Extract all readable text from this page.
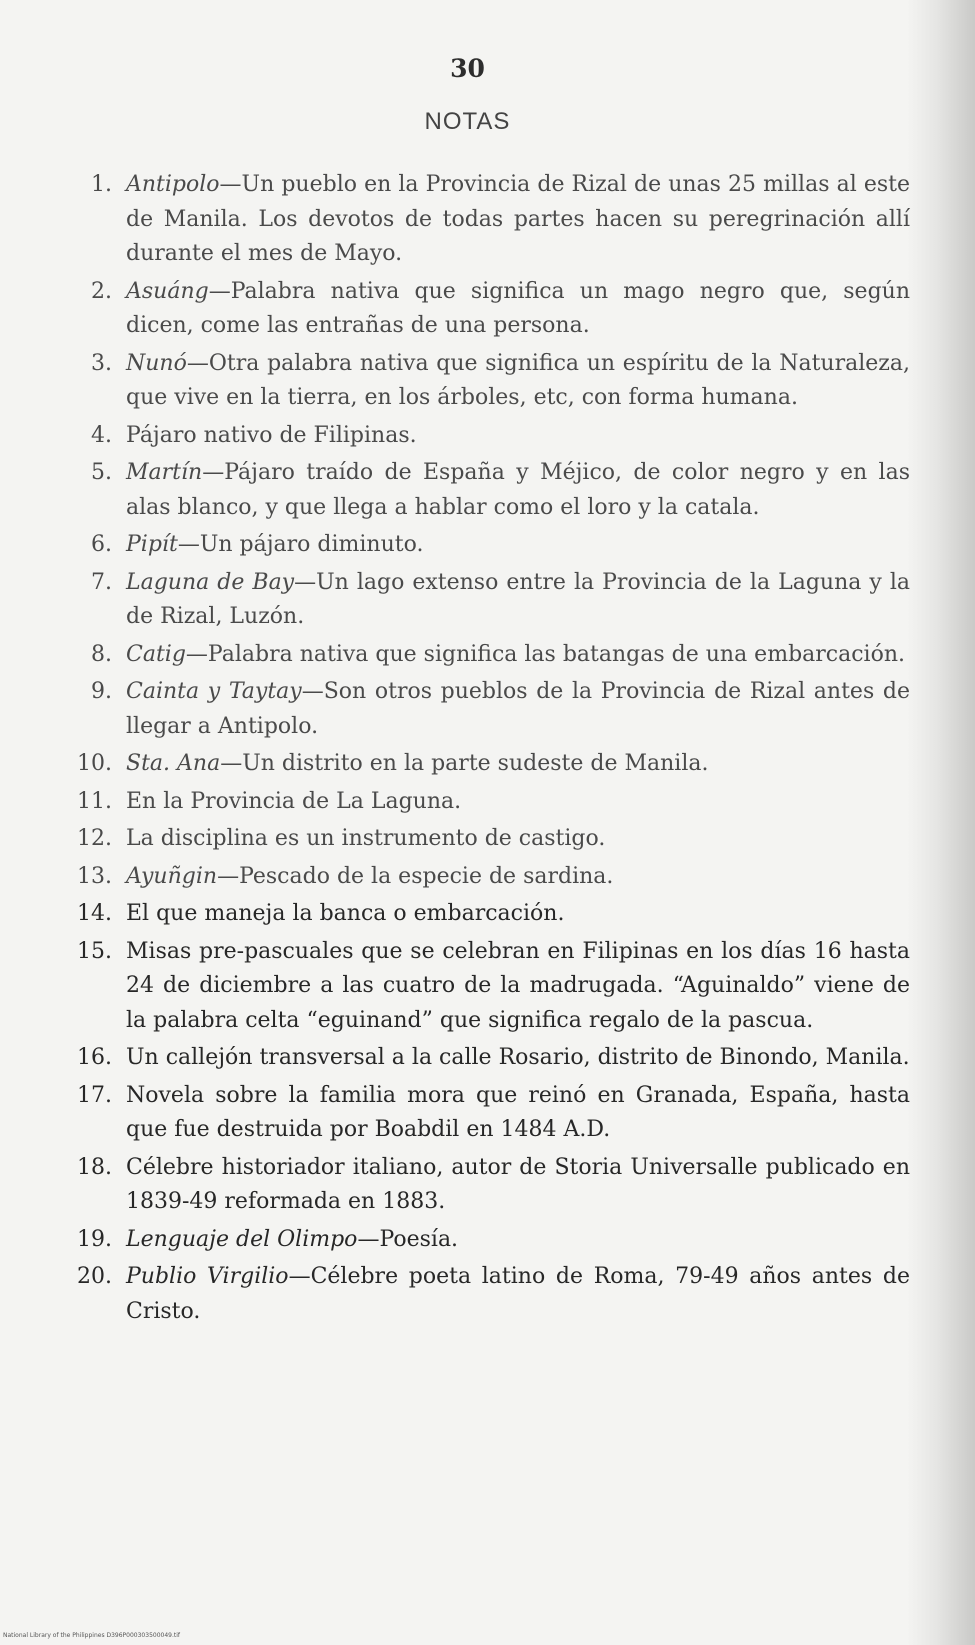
30
NOTAS
1. Antipolo—Un pueblo en la Provincia de Rizal de unas 25 millas al este de Manila. Los devotos de todas partes hacen su peregrinación allí durante el mes de Mayo.
2. Asuáng—Palabra nativa que significa un mago negro que, según dicen, come las entrañas de una persona.
3. Nunó—Otra palabra nativa que significa un espíritu de la Naturaleza, que vive en la tierra, en los árboles, etc, con forma humana.
4. Pájaro nativo de Filipinas.
5. Martín—Pájaro traído de España y Méjico, de color negro y en las alas blanco, y que llega a hablar como el loro y la catala.
6. Pipít—Un pájaro diminuto.
7. Laguna de Bay—Un lago extenso entre la Provincia de la Laguna y la de Rizal, Luzón.
8. Catig—Palabra nativa que significa las batangas de una embarcación.
9. Cainta y Taytay—Son otros pueblos de la Provincia de Rizal antes de llegar a Antipolo.
10. Sta. Ana—Un distrito en la parte sudeste de Manila.
11. En la Provincia de La Laguna.
12. La disciplina es un instrumento de castigo.
13. Ayuñgin—Pescado de la especie de sardina.
14. El que maneja la banca o embarcación.
15. Misas pre-pascuales que se celebran en Filipinas en los días 16 hasta 24 de diciembre a las cuatro de la madrugada. “Aguinaldo” viene de la palabra celta “eguinand” que significa regalo de la pascua.
16. Un callejón transversal a la calle Rosario, distrito de Binondo, Manila.
17. Novela sobre la familia mora que reinó en Granada, España, hasta que fue destruida por Boabdil en 1484 A.D.
18. Célebre historiador italiano, autor de Storia Universalle publicado en 1839-49 reformada en 1883.
19. Lenguaje del Olimpo—Poesía.
20. Publio Virgilio—Célebre poeta latino de Roma, 79-49 años antes de Cristo.
National Library of the Philippines D396P000303500049.tif
